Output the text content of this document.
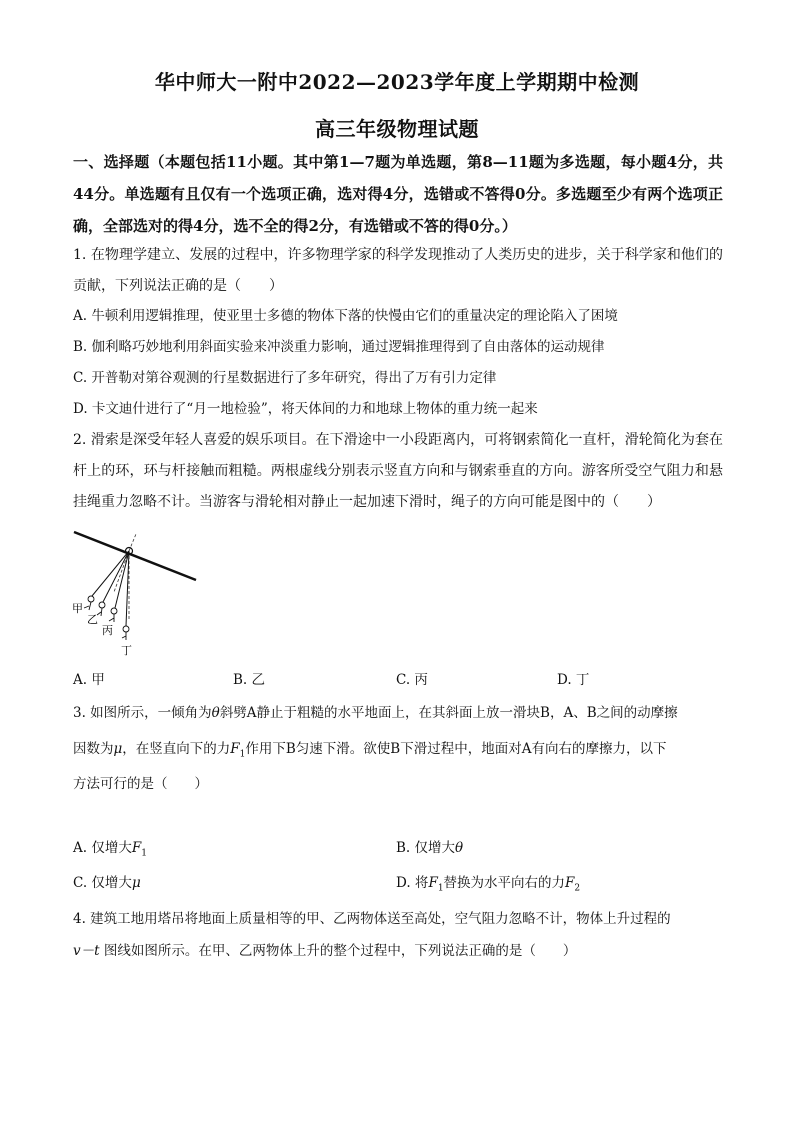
华中师大一附中2022—2023学年度上学期期中检测
高三年级物理试题

一、选择题（本题包括11小题。其中第1—7题为单选题，第8—11题为多选题，每小题4分，共44分。单选题有且仅有一个选项正确，选对得4分，选错或不答得0分。多选题至少有两个选项正确，全部选对的得4分，选不全的得2分，有选错或不答的得0分。）

1. 在物理学建立、发展的过程中，许多物理学家的科学发现推动了人类历史的进步，关于科学家和他们的贡献，下列说法正确的是（　　）

A. 牛顿利用逻辑推理，使亚里士多德的物体下落的快慢由它们的重量决定的理论陷入了困境
B. 伽利略巧妙地利用斜面实验来冲淡重力影响，通过逻辑推理得到了自由落体的运动规律
C. 开普勒对第谷观测的行星数据进行了多年研究，得出了万有引力定律
D. 卡文迪什进行了“月一地检验”，将天体间的力和地球上物体的重力统一起来

2. 滑索是深受年轻人喜爱的娱乐项目。在下滑途中一小段距离内，可将钢索简化一直杆，滑轮简化为套在杆上的环，环与杆接触而粗糙。两根虚线分别表示竖直方向和与钢索垂直的方向。游客所受空气阻力和悬挂绳重力忽略不计。当游客与滑轮相对静止一起加速下滑时，绳子的方向可能是图中的（　　）

甲
乙
丙
丁
A. 甲	B. 乙	C. 丙	D. 丁
3. 如图所示，一倾角为θ斜劈A静止于粗糙的水平地面上，在其斜面上放一滑块B，A、B之间的动摩擦
因数为μ，在竖直向下的力$F_1$作用下B匀速下滑。欲使B下滑过程中，地面对A有向右的摩擦力，以下
方法可行的是（　　）
A. 仅增大$F_1$	B. 仅增大θ
C. 仅增大μ	D. 将$F_1$替换为水平向右的力$F_2$
4. 建筑工地用塔吊将地面上质量相等的甲、乙两物体送至高处，空气阻力忽略不计，物体上升过程的
v－t 图线如图所示。在甲、乙两物体上升的整个过程中，下列说法正确的是（　　）
